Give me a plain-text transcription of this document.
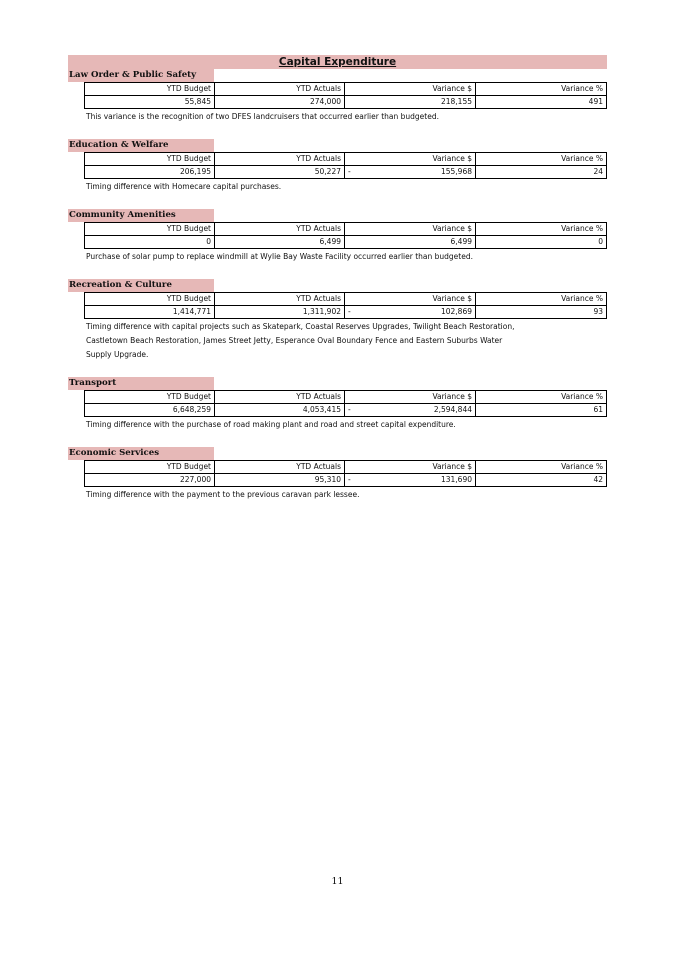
Capital Expenditure
Law Order & Public Safety
YTD Budget	YTD Actuals	Variance $	Variance %
55,845	274,000	218,155	491
This variance is the recognition of two DFES landcruisers that occurred earlier than budgeted.
Education & Welfare
YTD Budget	YTD Actuals	Variance $	Variance %
206,195	50,227	- 155,968	24
Timing difference with Homecare capital purchases.
Community Amenities
YTD Budget	YTD Actuals	Variance $	Variance %
0	6,499	6,499	0
Purchase of solar pump to replace windmill at Wylie Bay Waste Facility occurred earlier than budgeted.
Recreation & Culture
YTD Budget	YTD Actuals	Variance $	Variance %
1,414,771	1,311,902	- 102,869	93
Timing difference with capital projects such as Skatepark, Coastal Reserves Upgrades, Twilight Beach Restoration,
Castletown Beach Restoration, James Street Jetty, Esperance Oval Boundary Fence and Eastern Suburbs Water
Supply Upgrade.
Transport
YTD Budget	YTD Actuals	Variance $	Variance %
6,648,259	4,053,415	- 2,594,844	61
Timing difference with the purchase of road making plant and road and street capital expenditure.
Economic Services
YTD Budget	YTD Actuals	Variance $	Variance %
227,000	95,310	- 131,690	42
Timing difference with the payment to the previous caravan park lessee.
11
